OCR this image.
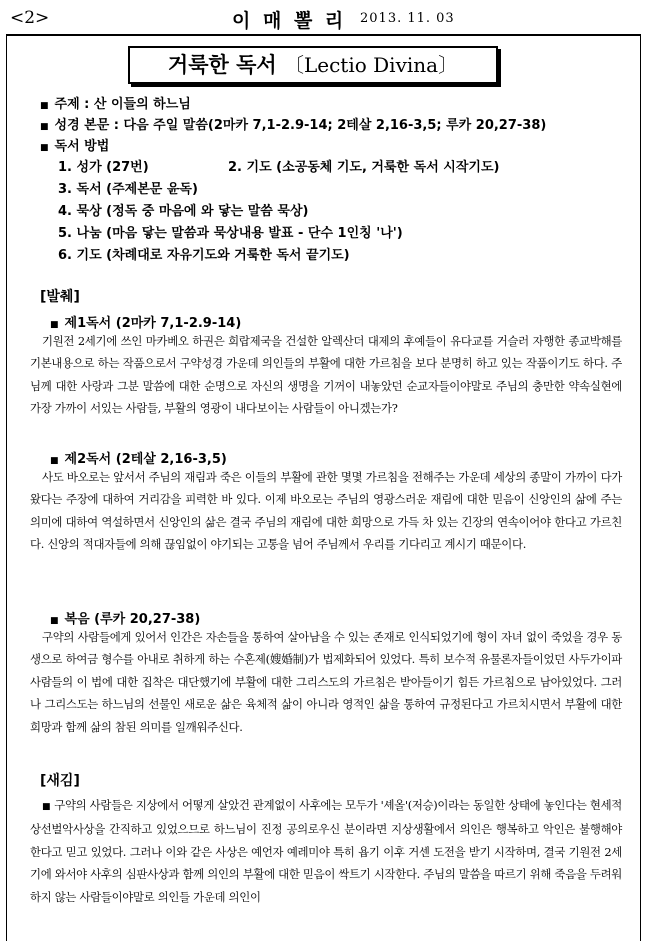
<2>	이 매 뽈 리 2013. 11. 03
거룩한 독서 〔Lectio Divina〕
■ 주제 : 산 이들의 하느님
■ 성경 본문 : 다음 주일 말씀(2마카 7,1-2.9-14; 2테살 2,16-3,5; 루카 20,27-38)
■ 독서 방법
1. 성가 (27번)	2. 기도 (소공동체 기도, 거룩한 독서 시작기도)
3. 독서 (주제본문 윤독)
4. 묵상 (정독 중 마음에 와 닿는 말씀 묵상)
5. 나눔 (마음 닿는 말씀과 묵상내용 발표 - 단수 1인칭 '나')
6. 기도 (차례대로 자유기도와 거룩한 독서 끝기도)
[발췌]
■ 제1독서 (2마카 7,1-2.9-14)
기원전 2세기에 쓰인 마카베오 하권은 희랍제국을 건설한 알렉산더 대제의 후예들이 유다교를 거슬러 자행한 종교박해를 기본내용으로 하는 작품으로서 구약성경 가운데 의인들의 부활에 대한 가르침을 보다 분명히 하고 있는 작품이기도 하다. 주님께 대한 사랑과 그분 말씀에 대한 순명으로 자신의 생명을 기꺼이 내놓았던 순교자들이야말로 주님의 충만한 약속실현에 가장 가까이 서있는 사람들, 부활의 영광이 내다보이는 사람들이 아니겠는가?
■ 제2독서 (2테살 2,16-3,5)
사도 바오로는 앞서서 주님의 재림과 죽은 이들의 부활에 관한 몇몇 가르침을 전해주는 가운데 세상의 종말이 가까이 다가왔다는 주장에 대하여 거리감을 피력한 바 있다. 이제 바오로는 주님의 영광스러운 재림에 대한 믿음이 신앙인의 삶에 주는 의미에 대하여 역설하면서 신앙인의 삶은 결국 주님의 재림에 대한 희망으로 가득 차 있는 긴장의 연속이어야 한다고 가르친다. 신앙의 적대자들에 의해 끊임없이 야기되는 고통을 넘어 주님께서 우리를 기다리고 계시기 때문이다.
■ 복음 (루카 20,27-38)
구약의 사람들에게 있어서 인간은 자손들을 통하여 살아남을 수 있는 존재로 인식되었기에 형이 자녀 없이 죽었을 경우 동생으로 하여금 형수를 아내로 취하게 하는 수혼제(嫂婚制)가 법제화되어 있었다. 특히 보수적 유물론자들이었던 사두가이파 사람들의 이 법에 대한 집착은 대단했기에 부활에 대한 그리스도의 가르침은 받아들이기 힘든 가르침으로 남아있었다. 그러나 그리스도는 하느님의 선물인 새로운 삶은 육체적 삶이 아니라 영적인 삶을 통하여 규정된다고 가르치시면서 부활에 대한 희망과 함께 삶의 참된 의미를 일깨워주신다.
[새김]
■ 구약의 사람들은 지상에서 어떻게 살았건 관계없이 사후에는 모두가 '셰올'(저승)이라는 동일한 상태에 놓인다는 현세적 상선벌악사상을 간직하고 있었으므로 하느님이 진정 공의로우신 분이라면 지상생활에서 의인은 행복하고 악인은 불행해야 한다고 믿고 있었다. 그러나 이와 같은 사상은 예언자 예레미야 특히 욥기 이후 거센 도전을 받기 시작하며, 결국 기원전 2세기에 와서야 사후의 심판사상과 함께 의인의 부활에 대한 믿음이 싹트기 시작한다. 주님의 말씀을 따르기 위해 죽음을 두려워하지 않는 사람들이야말로 의인들 가운데 의인이
